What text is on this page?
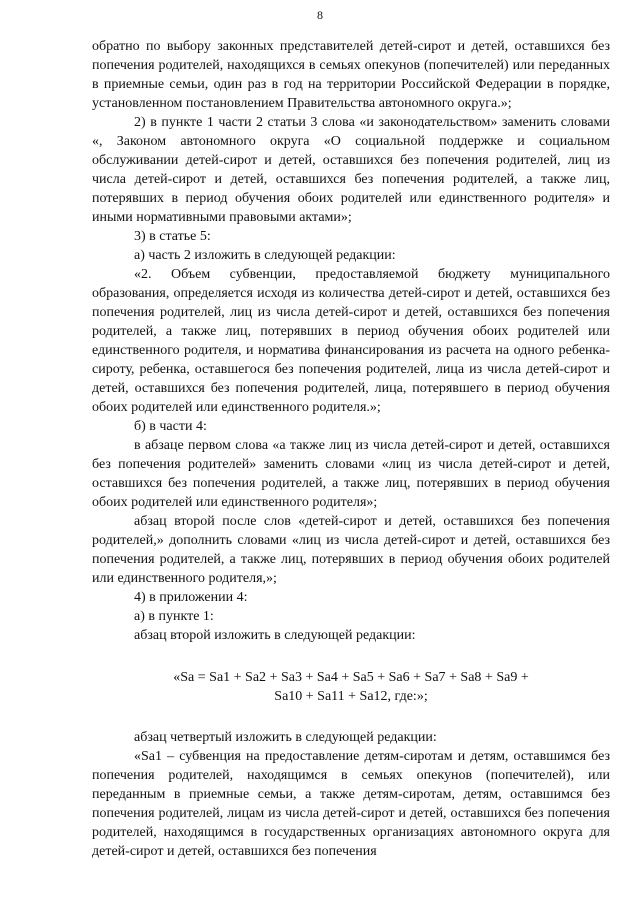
8

обратно по выбору законных представителей детей-сирот и детей, оставшихся без попечения родителей, находящихся в семьях опекунов (попечителей) или переданных в приемные семьи, один раз в год на территории Российской Федерации в порядке, установленном постановлением Правительства автономного округа.»;

2) в пункте 1 части 2 статьи 3 слова «и законодательством» заменить словами «, Законом автономного округа «О социальной поддержке и социальном обслуживании детей-сирот и детей, оставшихся без попечения родителей, лиц из числа детей-сирот и детей, оставшихся без попечения родителей, а также лиц, потерявших в период обучения обоих родителей или единственного родителя» и иными нормативными правовыми актами»;

3) в статье 5:

а) часть 2 изложить в следующей редакции:

«2. Объем субвенции, предоставляемой бюджету муниципального образования, определяется исходя из количества детей-сирот и детей, оставшихся без попечения родителей, лиц из числа детей-сирот и детей, оставшихся без попечения родителей, а также лиц, потерявших в период обучения обоих родителей или единственного родителя, и норматива финансирования из расчета на одного ребенка-сироту, ребенка, оставшегося без попечения родителей, лица из числа детей-сирот и детей, оставшихся без попечения родителей, лица, потерявшего в период обучения обоих родителей или единственного родителя.»;

б) в части 4:

в абзаце первом слова «а также лиц из числа детей-сирот и детей, оставшихся без попечения родителей» заменить словами «лиц из числа детей-сирот и детей, оставшихся без попечения родителей, а также лиц, потерявших в период обучения обоих родителей или единственного родителя»;

абзац второй после слов «детей-сирот и детей, оставшихся без попечения родителей,» дополнить словами «лиц из числа детей-сирот и детей, оставшихся без попечения родителей, а также лиц, потерявших в период обучения обоих родителей или единственного родителя,»;

4) в приложении 4:

а) в пункте 1:

абзац второй изложить в следующей редакции:

«Sa = Sa1 + Sa2 + Sa3 + Sa4 + Sa5 + Sa6 + Sa7 + Sa8 + Sa9 +
Sa10 + Sa11 + Sa12, где:»;

абзац четвертый изложить в следующей редакции:

«Sa1 – субвенция на предоставление детям-сиротам и детям, оставшимся без попечения родителей, находящимся в семьях опекунов (попечителей), или переданным в приемные семьи, а также детям-сиротам, детям, оставшимся без попечения родителей, лицам из числа детей-сирот и детей, оставшихся без попечения родителей, находящимся в государственных организациях автономного округа для детей-сирот и детей, оставшихся без попечения
